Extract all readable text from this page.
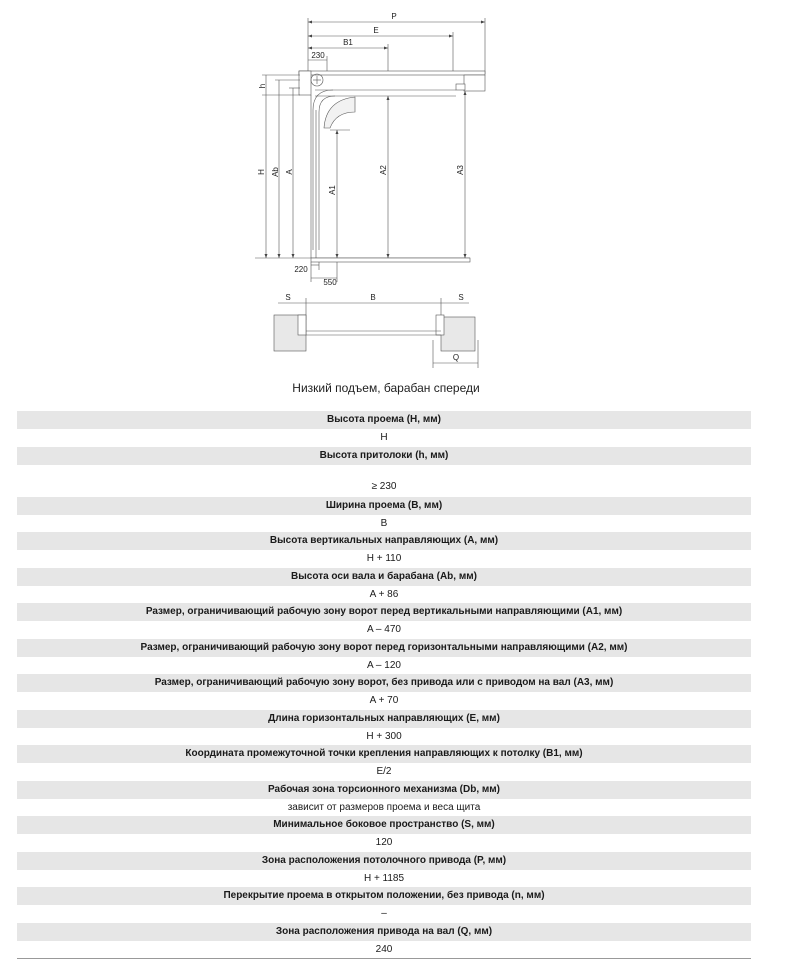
P
E
B1
230
h
H Ab A
A1
A2	A3
220
550
S	B	S
Q
Низкий подъем, барабан спереди
Высота проема (H, мм)
H
Высота притолоки (h, мм)
≥ 230
Ширина проема (B, мм)
B
Высота вертикальных направляющих (A, мм)
H + 110
Высота оси вала и барабана (Ab, мм)
A + 86
Размер, ограничивающий рабочую зону ворот перед вертикальными направляющими (A1, мм)
A – 470
Размер, ограничивающий рабочую зону ворот перед горизонтальными направляющими (A2, мм)
A – 120
Размер, ограничивающий рабочую зону ворот, без привода или с приводом на вал (A3, мм)
A + 70
Длина горизонтальных направляющих (E, мм)
H + 300
Координата промежуточной точки крепления направляющих к потолку (B1, мм)
E/2
Рабочая зона торсионного механизма (Db, мм)
зависит от размеров проема и веса щита
Минимальное боковое пространство (S, мм)
120
Зона расположения потолочного привода (P, мм)
H + 1185
Перекрытие проема в открытом положении, без привода (n, мм)
–
Зона расположения привода на вал (Q, мм)
240
